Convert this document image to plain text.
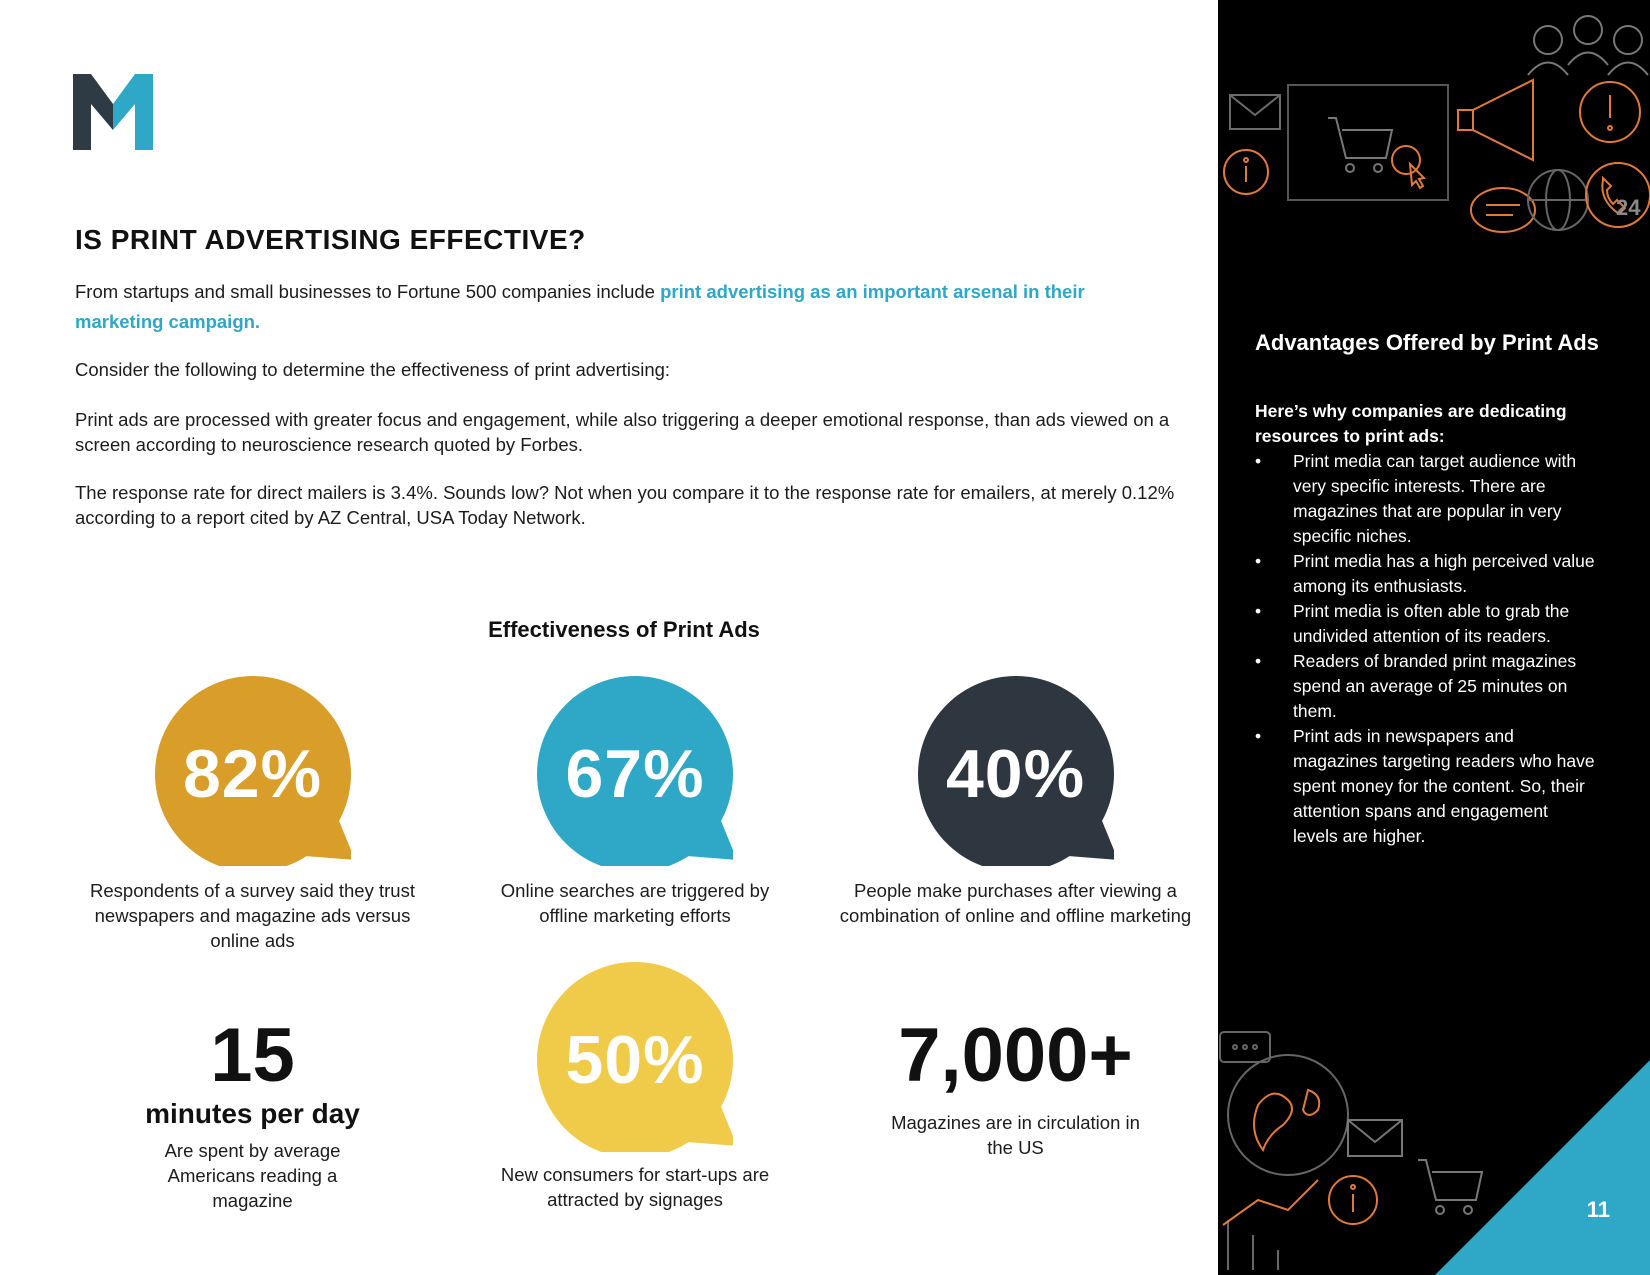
IS PRINT ADVERTISING EFFECTIVE?

From startups and small businesses to Fortune 500 companies include print advertising as an important arsenal in their marketing campaign.

Consider the following to determine the effectiveness of print advertising:

Print ads are processed with greater focus and engagement, while also triggering a deeper emotional response, than ads viewed on a screen according to neuroscience research quoted by Forbes.

The response rate for direct mailers is 3.4%. Sounds low? Not when you compare it to the response rate for emailers, at merely 0.12% according to a report cited by AZ Central, USA Today Network.

Effectiveness of Print Ads
82%
Respondents of a survey said they trust newspapers and magazine ads versus online ads
67%
Online searches are triggered by offline marketing efforts
40%
People make purchases after viewing a combination of online and offline marketing
15
minutes per day
Are spent by average Americans reading a magazine
50%
New consumers for start-ups are attracted by signages
7,000+
Magazines are in circulation in the US
24
Advantages Offered by Print Ads

Here’s why companies are dedicating resources to print ads:

• Print media can target audience with very specific interests. There are magazines that are popular in very specific niches.
• Print media has a high perceived value among its enthusiasts.
• Print media is often able to grab the undivided attention of its readers.
• Readers of branded print magazines spend an average of 25 minutes on them.
• Print ads in newspapers and magazines targeting readers who have spent money for the content. So, their attention spans and engagement levels are higher.
11
